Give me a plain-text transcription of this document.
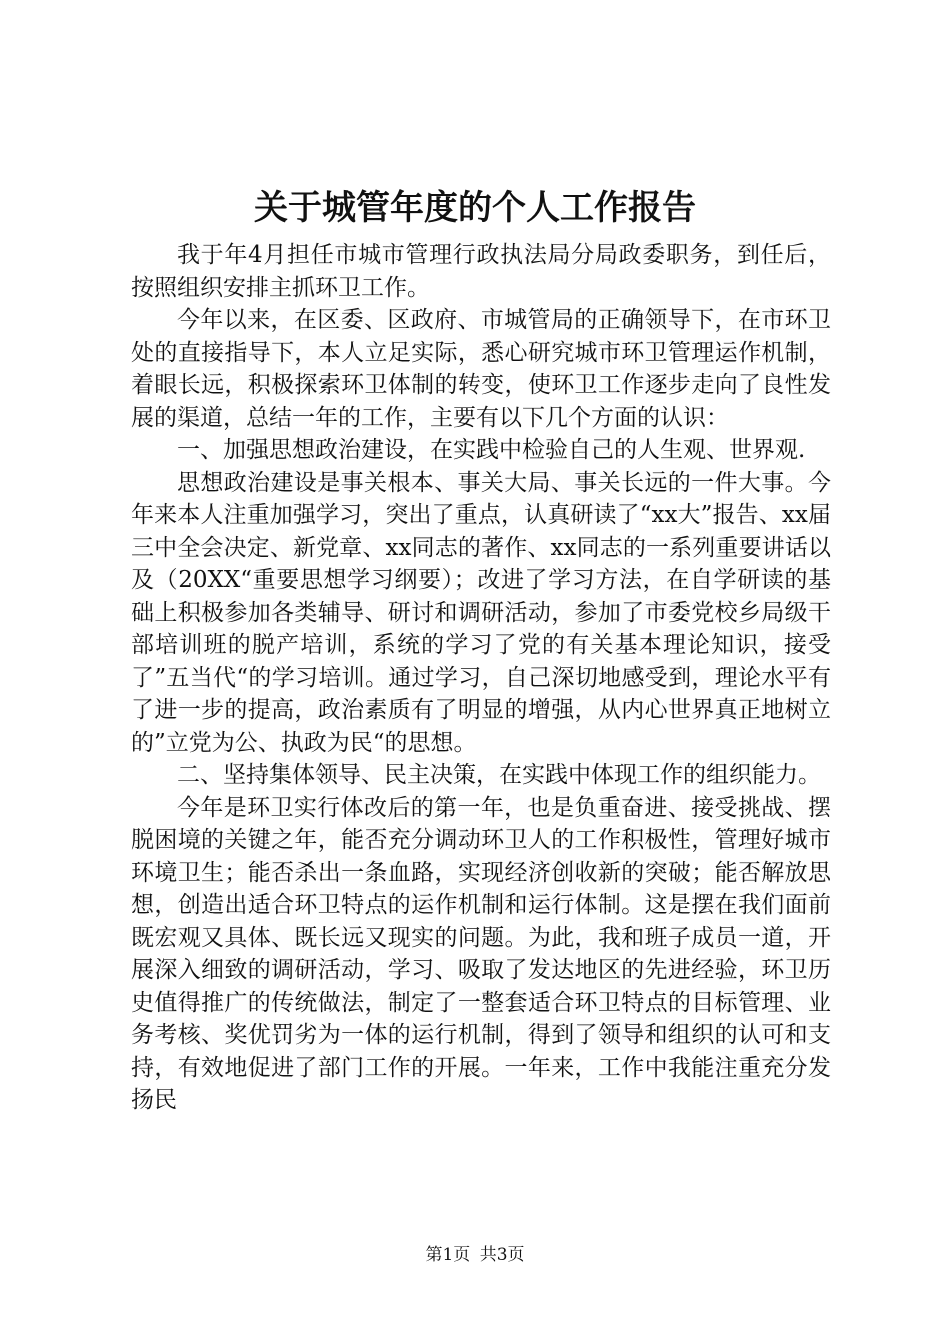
关于城管年度的个人工作报告

我于年4月担任市城市管理行政执法局分局政委职务，到任后，按照组织安排主抓环卫工作。

今年以来，在区委、区政府、市城管局的正确领导下，在市环卫处的直接指导下，本人立足实际，悉心研究城市环卫管理运作机制，着眼长远，积极探索环卫体制的转变，使环卫工作逐步走向了良性发展的渠道，总结一年的工作，主要有以下几个方面的认识：

一、加强思想政治建设，在实践中检验自己的人生观、世界观.

思想政治建设是事关根本、事关大局、事关长远的一件大事。今年来本人注重加强学习，突出了重点，认真研读了“xx大”报告、xx届三中全会决定、新党章、xx同志的著作、xx同志的一系列重要讲话以及（20XX“重要思想学习纲要）；改进了学习方法，在自学研读的基础上积极参加各类辅导、研讨和调研活动，参加了市委党校乡局级干部培训班的脱产培训，系统的学习了党的有关基本理论知识，接受了”五当代“的学习培训。通过学习，自己深切地感受到，理论水平有了进一步的提高，政治素质有了明显的增强，从内心世界真正地树立的”立党为公、执政为民“的思想。

二、坚持集体领导、民主决策，在实践中体现工作的组织能力。

今年是环卫实行体改后的第一年，也是负重奋进、接受挑战、摆脱困境的关键之年，能否充分调动环卫人的工作积极性，管理好城市环境卫生；能否杀出一条血路，实现经济创收新的突破；能否解放思想，创造出适合环卫特点的运作机制和运行体制。这是摆在我们面前既宏观又具体、既长远又现实的问题。为此，我和班子成员一道，开展深入细致的调研活动，学习、吸取了发达地区的先进经验，环卫历史值得推广的传统做法，制定了一整套适合环卫特点的目标管理、业务考核、奖优罚劣为一体的运行机制，得到了领导和组织的认可和支持，有效地促进了部门工作的开展。一年来，工作中我能注重充分发扬民

第1页 共3页
